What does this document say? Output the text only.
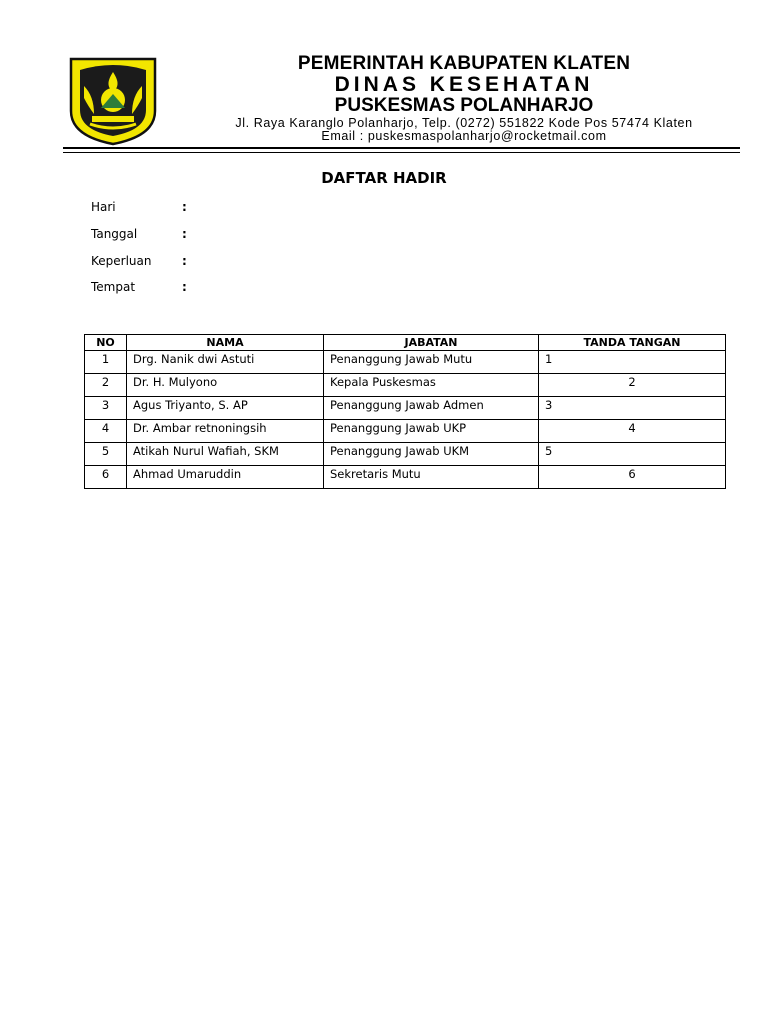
PEMERINTAH KABUPATEN KLATEN
DINAS KESEHATAN
PUSKESMAS POLANHARJO
Jl. Raya Karanglo Polanharjo, Telp. (0272) 551822 Kode Pos 57474 Klaten
Email : puskesmaspolanharjo@rocketmail.com
DAFTAR HADIR
Hari	:
Tanggal	:
Keperluan	:
Tempat	:
NO	NAMA	JABATAN	TANDA TANGAN
1	Drg. Nanik dwi Astuti	Penanggung Jawab Mutu	1
2	Dr. H. Mulyono	Kepala Puskesmas	2
3	Agus Triyanto, S. AP	Penanggung Jawab Admen	3
4	Dr. Ambar retnoningsih	Penanggung Jawab UKP	4
5	Atikah Nurul Wafiah, SKM	Penanggung Jawab UKM	5
6	Ahmad Umaruddin	Sekretaris Mutu	6
